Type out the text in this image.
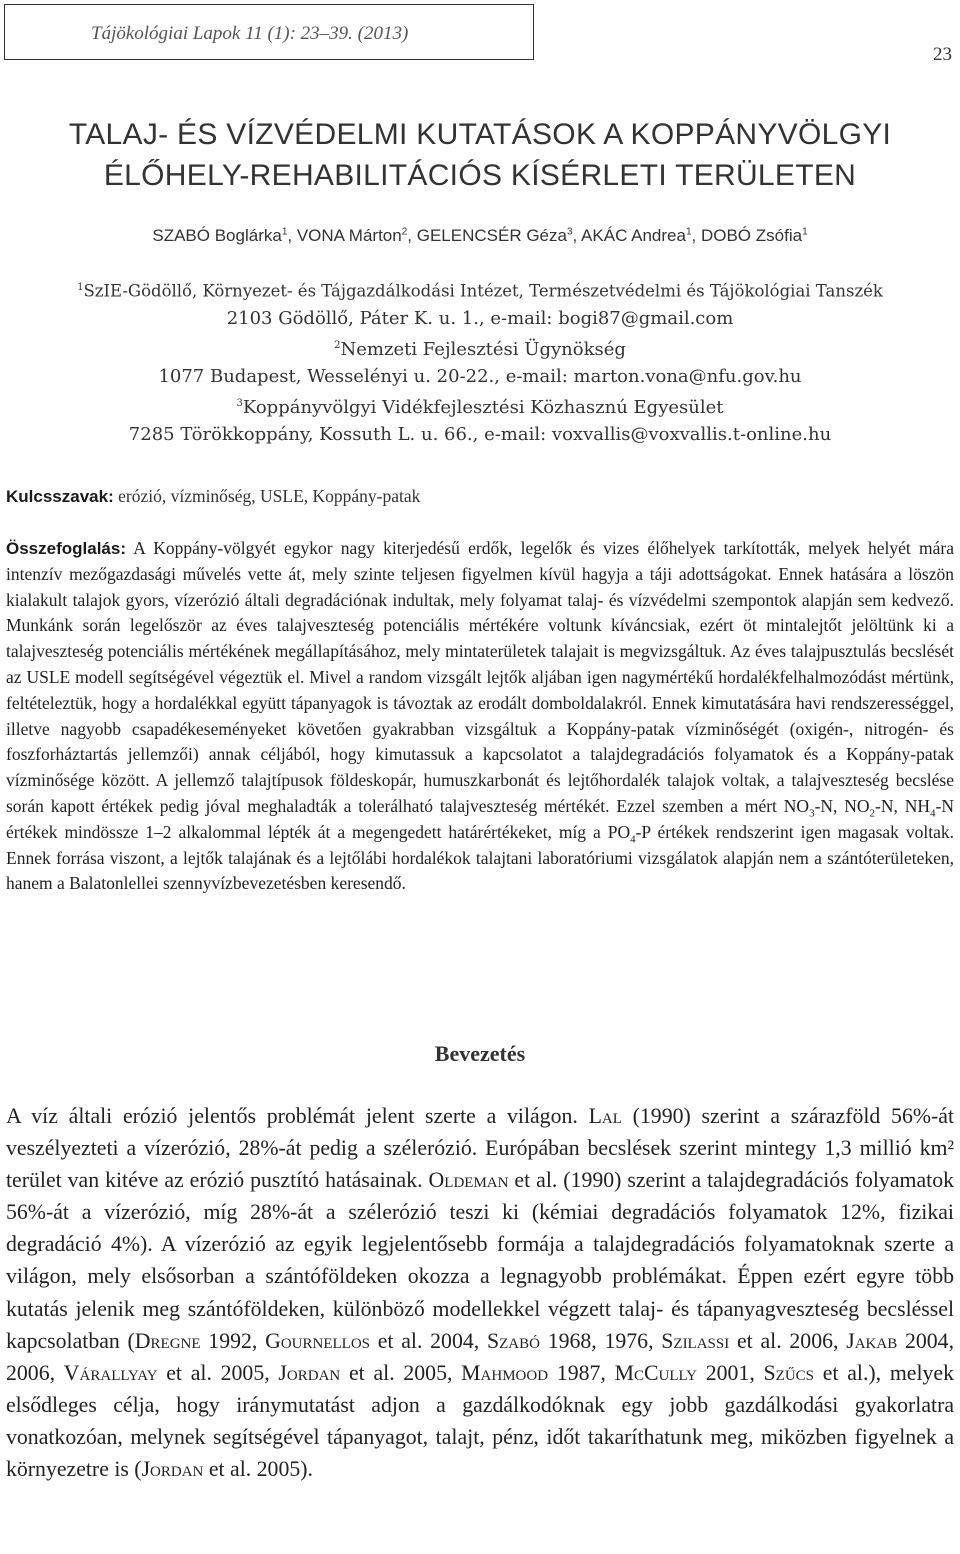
Tájökológiai Lapok 11 (1): 23–39. (2013)
23
TALAJ- ÉS VÍZVÉDELMI KUTATÁSOK A KOPPÁNYVÖLGYI
ÉLŐHELY-REHABILITÁCIÓS KÍSÉRLETI TERÜLETEN
SZABÓ Boglárka$^1$, VONA Márton$^2$, GELENCSÉR Géza$^3$, AKÁC Andrea$^1$, DOBÓ Zsófia$^1$
$^1$SzIE-Gödöllő, Környezet- és Tájgazdálkodási Intézet, Természetvédelmi és Tájökológiai Tanszék
2103 Gödöllő, Páter K. u. 1., e-mail: bogi87@gmail.com
$^2$Nemzeti Fejlesztési Ügynökség
1077 Budapest, Wesselényi u. 20-22., e-mail: marton.vona@nfu.gov.hu
$^3$Koppányvölgyi Vidékfejlesztési Közhasznú Egyesület
7285 Törökkoppány, Kossuth L. u. 66., e-mail: voxvallis@voxvallis.t-online.hu
Kulcsszavak: erózió, vízminőség, USLE, Koppány-patak
Összefoglalás: A Koppány-völgyét egykor nagy kiterjedésű erdők, legelők és vizes élőhelyek tarkították, melyek helyét mára intenzív mezőgazdasági művelés vette át, mely szinte teljesen figyelmen kívül hagyja a táji adottságokat. Ennek hatására a löszön kialakult talajok gyors, vízerózió általi degradációnak indultak, mely folyamat talaj- és vízvédelmi szempontok alapján sem kedvező. Munkánk során legelőször az éves talajveszteség potenciális mértékére voltunk kíváncsiak, ezért öt mintalejtőt jelöltünk ki a talajveszteség potenciális mértékének megállapításához, mely mintaterületek talajait is megvizsgáltuk. Az éves talajpusztulás becslését az USLE modell segítségével végeztük el. Mivel a random vizsgált lejtők aljában igen nagymértékű hordalékfelhalmozódást mértünk, feltételeztük, hogy a hordalékkal együtt tápanyagok is távoztak az erodált domboldalakról. Ennek kimutatására havi rendszerességgel, illetve nagyobb csapadékeseményeket követően gyakrabban vizsgáltuk a Koppány-patak vízminőségét (oxigén-, nitrogén- és foszforháztartás jellemzői) annak céljából, hogy kimutassuk a kapcsolatot a talajdegradációs folyamatok és a Koppány-patak vízminősége között. A jellemző talajtípusok földeskopár, humuszkarbonát és lejtőhordalék talajok voltak, a talajveszteség becslése során kapott értékek pedig jóval meghaladták a tolerálható talajveszteség mértékét. Ezzel szemben a mért $NO_3-N$, $NO_2-N$, $NH_4-N$ értékek mindössze 1–2 alkalommal lépték át a megengedett határértékeket, míg a $PO_4-P$ értékek rendszerint igen magasak voltak. Ennek forrása viszont, a lejtők talajának és a lejtőlábi hordalékok talajtani laboratóriumi vizsgálatok alapján nem a szántóterületeken, hanem a Balatonlellei szennyvízbevezetésben keresendő.
Bevezetés

A víz általi erózió jelentős problémát jelent szerte a világon. Lal (1990) szerint a szárazföld 56%-át veszélyezteti a vízerózió, 28%-át pedig a szélerózió. Európában becslések szerint mintegy 1,3 millió km² terület van kitéve az erózió pusztító hatásainak. Oldeman et al. (1990) szerint a talajdegradációs folyamatok 56%-át a vízerózió, míg 28%-át a szélerózió teszi ki (kémiai degradációs folyamatok 12%, fizikai degradáció 4%). A vízerózió az egyik legjelentősebb formája a talajdegradációs folyamatoknak szerte a világon, mely elsősorban a szántóföldeken okozza a legnagyobb problémákat. Éppen ezért egyre több kutatás jelenik meg szántóföldeken, különböző modellekkel végzett talaj- és tápanyagveszteség becsléssel kapcsolatban (Dregne 1992, Gournellos et al. 2004, Szabó 1968, 1976, Szilassi et al. 2006, Jakab 2004, 2006, Várallyay et al. 2005, Jordan et al. 2005, Mahmood 1987, McCully 2001, Szűcs et al.), melyek elsődleges célja, hogy iránymutatást adjon a gazdálkodóknak egy jobb gazdálkodási gyakorlatra vonatkozóan, melynek segítségével tápanyagot, talajt, pénz, időt takaríthatunk meg, miközben figyelnek a környezetre is (Jordan et al. 2005).
